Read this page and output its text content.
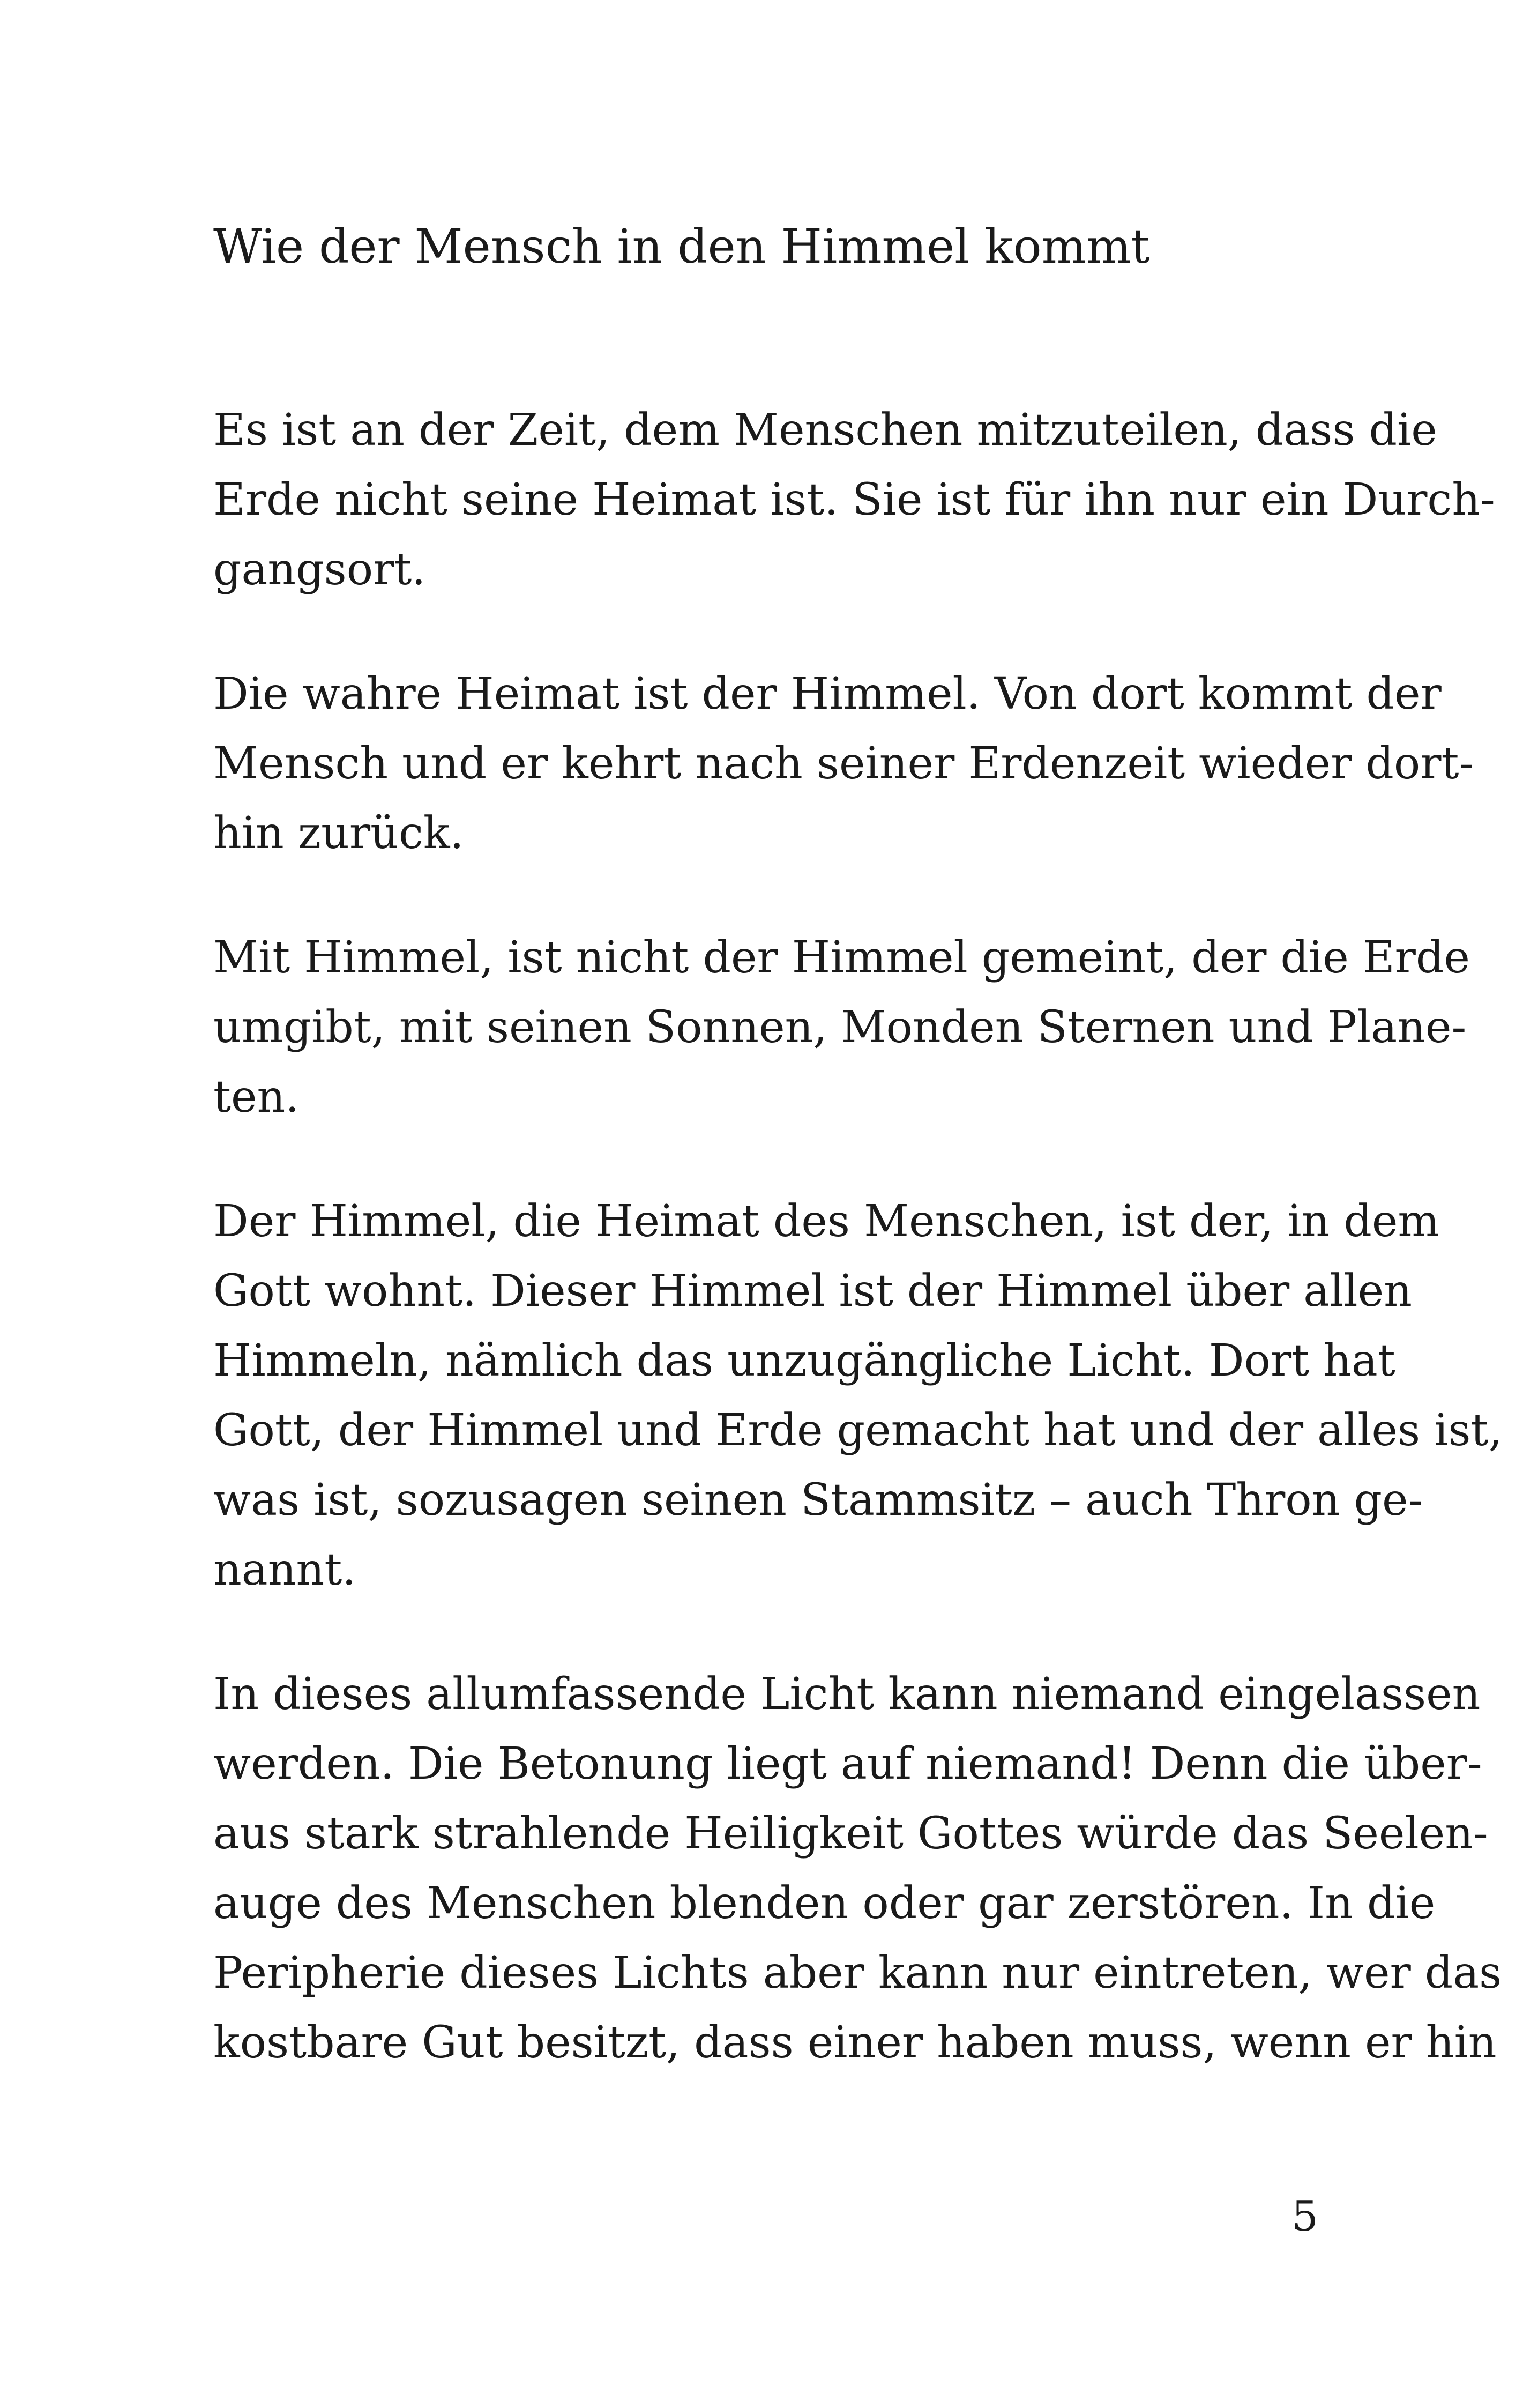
Wie der Mensch in den Himmel kommt
Es ist an der Zeit, dem Menschen mitzuteilen, dass die
Erde nicht seine Heimat ist. Sie ist für ihn nur ein Durch-
gangsort.
Die wahre Heimat ist der Himmel. Von dort kommt der
Mensch und er kehrt nach seiner Erdenzeit wieder dort-
hin zurück.
Mit Himmel, ist nicht der Himmel gemeint, der die Erde
umgibt, mit seinen Sonnen, Monden Sternen und Plane-
ten.
Der Himmel, die Heimat des Menschen, ist der, in dem
Gott wohnt. Dieser Himmel ist der Himmel über allen
Himmeln, nämlich das unzugängliche Licht. Dort hat
Gott, der Himmel und Erde gemacht hat und der alles ist,
was ist, sozusagen seinen Stammsitz – auch Thron ge-
nannt.
In dieses allumfassende Licht kann niemand eingelassen
werden. Die Betonung liegt auf niemand! Denn die über-
aus stark strahlende Heiligkeit Gottes würde das Seelen-
auge des Menschen blenden oder gar zerstören. In die
Peripherie dieses Lichts aber kann nur eintreten, wer das
kostbare Gut besitzt, dass einer haben muss, wenn er hin
5
